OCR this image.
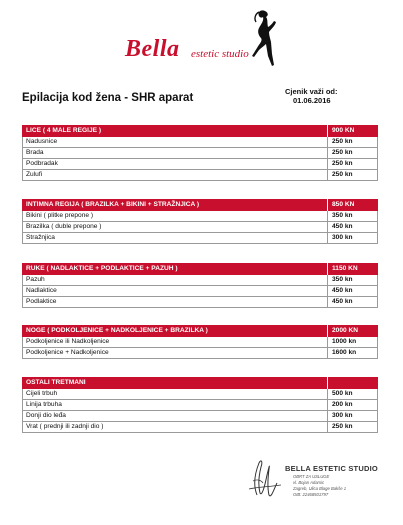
Bella estetic studio
Epilacija kod žena - SHR aparat
Cjenik važi od:
01.06.2016
LICE ( 4 MALE REGIJE )	900 KN
Nadusnice	250 kn
Brada	250 kn
Podbradak	250 kn
Zulufi	250 kn
INTIMNA REGIJA ( BRAZILKA + BIKINI + STRAŽNJICA )	850 KN
Bikini ( plitke prepone )	350 kn
Brazilka ( duble prepone )	450 kn
Stražnjica	300 kn
RUKE ( NADLAKTICE + PODLAKTICE + PAZUH )	1150 KN
Pazuh	350 kn
Nadlaktice	450 kn
Podlaktice	450 kn
NOGE ( PODKOLJENICE + NADKOLJENICE + BRAZILKA )	2000 KN
Podkoljenice ili Nadkoljenice	1000 kn
Podkoljenice + Nadkoljenice	1600 kn
OSTALI TRETMANI
Cijeli trbuh	500 kn
Linija trbuha	200 kn
Donji dio leđa	300 kn
Vrat ( prednji ili zadnji dio )	250 kn
BELLA ESTETIC STUDIO
OBRT ZA USLUGE
vl. Bojan Adamic
Zagreb, Ulica Blage Bakše 1
OIB: 22468501797
